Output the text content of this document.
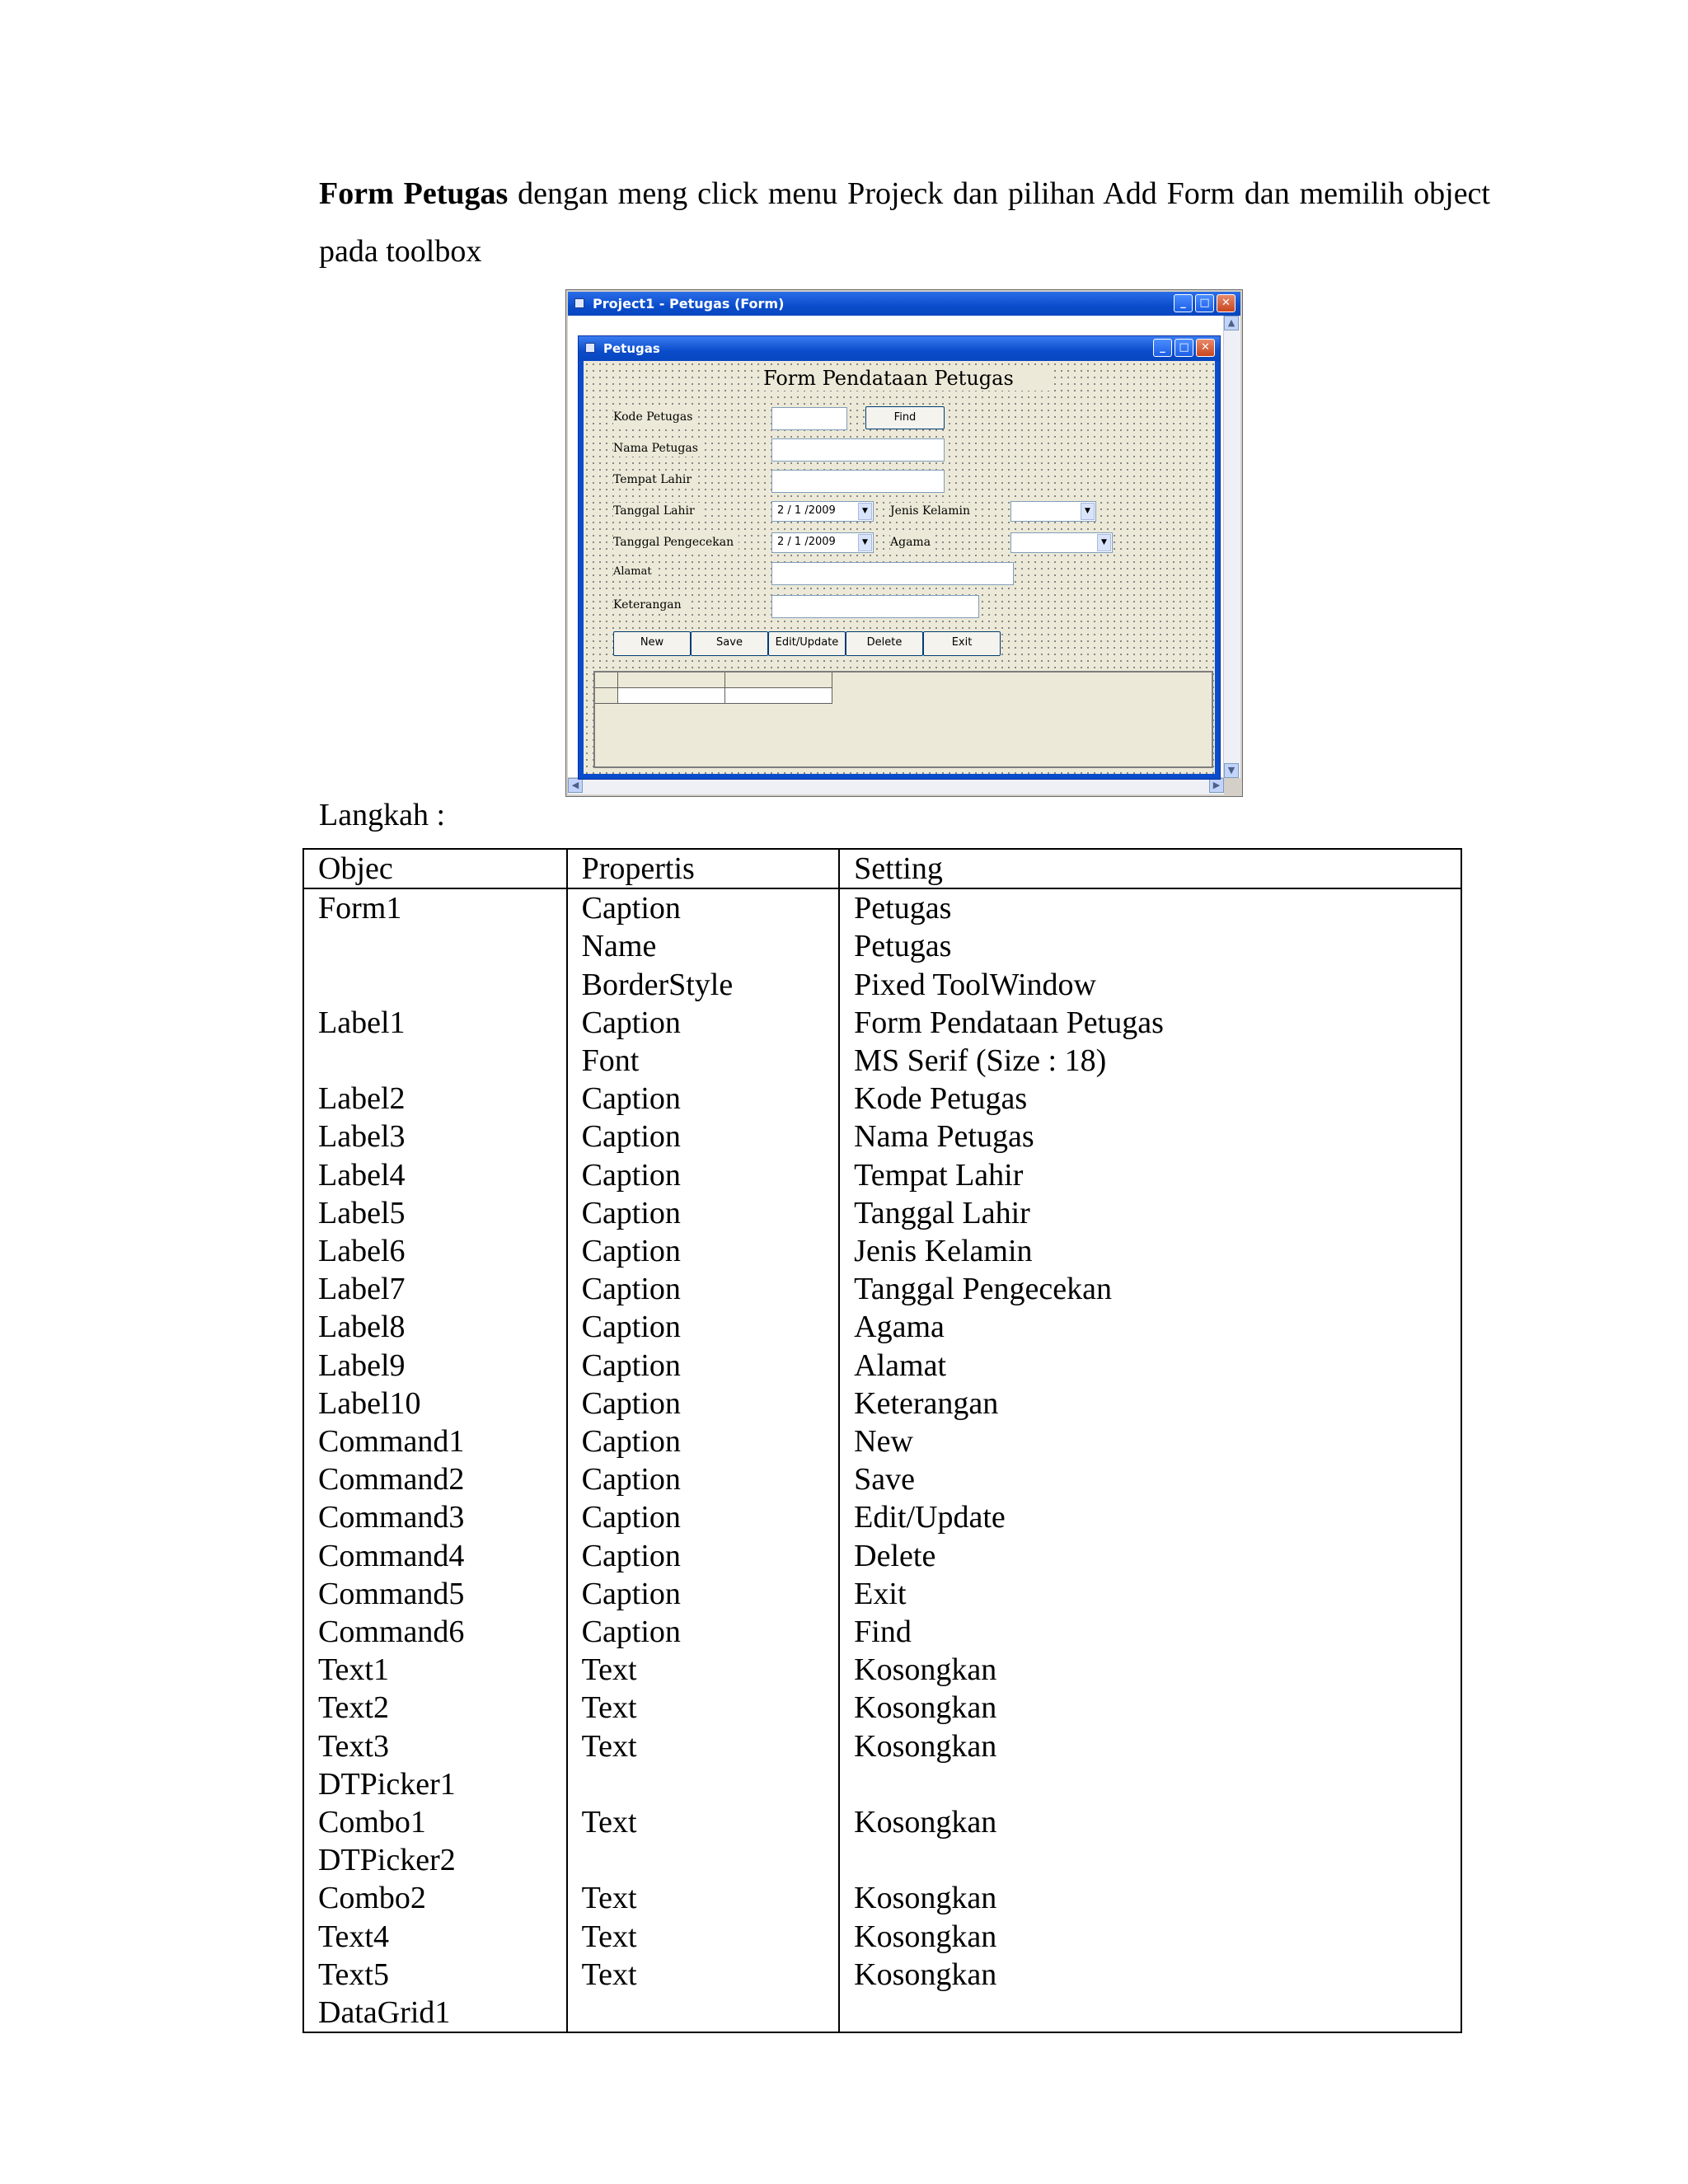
Form Petugas dengan meng click menu Projeck dan pilihan Add Form dan memilih object pada toolbox

Project1 - Petugas (Form)	_	□	✕
▲
▼
◀	▶
Petugas	_	□	✕
Form Pendataan Petugas
Kode Petugas	Find
Nama Petugas
Tempat Lahir
Tanggal Lahir	2 / 1 /2009	▼	Jenis Kelamin	▼
Tanggal Pengecekan	2 / 1 /2009	▼	Agama	▼
Alamat
Keterangan
New	Save	Edit/Update	Delete	Exit
Langkah :
Objec	Propertis	Setting
Form1	Caption	Petugas
	Name	Petugas
	BorderStyle	Pixed ToolWindow
Label1	Caption	Form Pendataan Petugas
	Font	MS Serif (Size : 18)
Label2	Caption	Kode Petugas
Label3	Caption	Nama Petugas
Label4	Caption	Tempat Lahir
Label5	Caption	Tanggal Lahir
Label6	Caption	Jenis Kelamin
Label7	Caption	Tanggal Pengecekan
Label8	Caption	Agama
Label9	Caption	Alamat
Label10	Caption	Keterangan
Command1	Caption	New
Command2	Caption	Save
Command3	Caption	Edit/Update
Command4	Caption	Delete
Command5	Caption	Exit
Command6	Caption	Find
Text1	Text	Kosongkan
Text2	Text	Kosongkan
Text3	Text	Kosongkan
DTPicker1		
Combo1	Text	Kosongkan
DTPicker2		
Combo2	Text	Kosongkan
Text4	Text	Kosongkan
Text5	Text	Kosongkan
DataGrid1		
